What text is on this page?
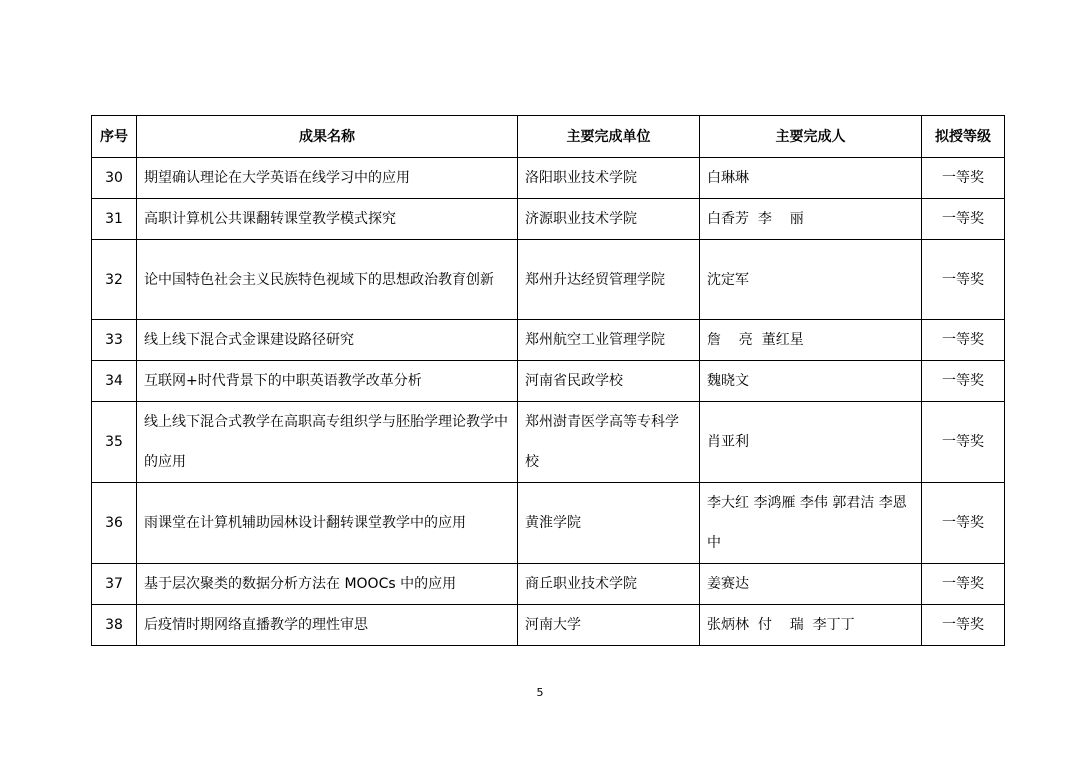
序号	成果名称	主要完成单位	主要完成人	拟授等级
30	期望确认理论在大学英语在线学习中的应用	洛阳职业技术学院	白琳琳	一等奖
31	高职计算机公共课翻转课堂教学模式探究	济源职业技术学院	白香芳  李    丽	一等奖
32	论中国特色社会主义民族特色视域下的思想政治教育创新	郑州升达经贸管理学院	沈定军	一等奖
33	线上线下混合式金课建设路径研究	郑州航空工业管理学院	詹    亮  董红星	一等奖
34	互联网+时代背景下的中职英语教学改革分析	河南省民政学校	魏晓文	一等奖
35	线上线下混合式教学在高职高专组织学与胚胎学理论教学中的应用	郑州澍青医学高等专科学校	肖亚利	一等奖
36	雨课堂在计算机辅助园林设计翻转课堂教学中的应用	黄淮学院	李大红 李鸿雁 李伟 郭君洁 李恩中	一等奖
37	基于层次聚类的数据分析方法在 MOOCs 中的应用	商丘职业技术学院	姜赛达	一等奖
38	后疫情时期网络直播教学的理性审思	河南大学	张炳林  付    瑞  李丁丁	一等奖
5
